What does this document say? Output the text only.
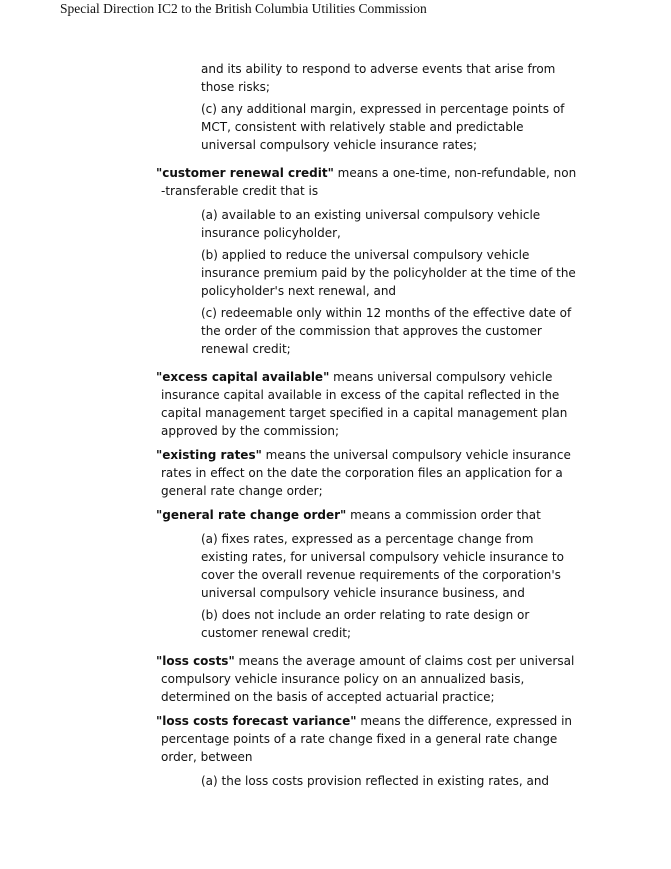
Special Direction IC2 to the British Columbia Utilities Commission
and its ability to respond to adverse events that arise from those risks;
(c) any additional margin, expressed in percentage points of MCT, consistent with relatively stable and predictable universal compulsory vehicle insurance rates;
"customer renewal credit" means a one-time, non-refundable, non -transferable credit that is
(a) available to an existing universal compulsory vehicle insurance policyholder,
(b) applied to reduce the universal compulsory vehicle insurance premium paid by the policyholder at the time of the policyholder's next renewal, and
(c) redeemable only within 12 months of the effective date of the order of the commission that approves the customer renewal credit;
"excess capital available" means universal compulsory vehicle insurance capital available in excess of the capital reflected in the capital management target specified in a capital management plan approved by the commission;
"existing rates" means the universal compulsory vehicle insurance rates in effect on the date the corporation files an application for a general rate change order;
"general rate change order" means a commission order that
(a) fixes rates, expressed as a percentage change from existing rates, for universal compulsory vehicle insurance to cover the overall revenue requirements of the corporation's universal compulsory vehicle insurance business, and
(b) does not include an order relating to rate design or customer renewal credit;
"loss costs" means the average amount of claims cost per universal compulsory vehicle insurance policy on an annualized basis, determined on the basis of accepted actuarial practice;
"loss costs forecast variance" means the difference, expressed in percentage points of a rate change fixed in a general rate change order, between
(a) the loss costs provision reflected in existing rates, and
